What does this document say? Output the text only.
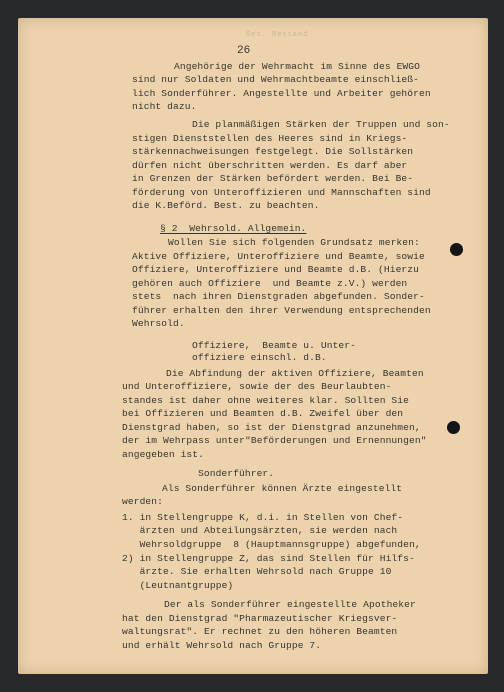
Ges. Bestand
26

Angehörige der Wehrmacht im Sinne des EWGO

sind nur Soldaten und Wehrmachtbeamte einschließ-

lich Sonderführer. Angestellte und Arbeiter gehören

nicht dazu.

Die planmäßigen Stärken der Truppen und son-

stigen Dienststellen des Heeres sind in Kriegs-

stärkennachweisungen festgelegt. Die Sollstärken

dürfen nicht überschritten werden. Es darf aber

in Grenzen der Stärken befördert werden. Bei Be-

förderung von Unteroffizieren und Mannschaften sind

die K.Beförd. Best. zu beachten.

§ 2  Wehrsold. Allgemein.

Wollen Sie sich folgenden Grundsatz merken:

Aktive Offiziere, Unteroffiziere und Beamte, sowie

Offiziere, Unteroffiziere und Beamte d.B. (Hierzu

gehören auch Offiziere  und Beamte z.V.) werden

stets  nach ihren Dienstgraden abgefunden. Sonder-

führer erhalten den ihrer Verwendung entsprechenden

Wehrsold.

Offiziere,  Beamte u. Unter-

offiziere einschl. d.B.

Die Abfindung der aktiven Offiziere, Beamten

und Unteroffiziere, sowie der des Beurlaubten-

standes ist daher ohne weiteres klar. Sollten Sie

bei Offizieren und Beamten d.B. Zweifel über den

Dienstgrad haben, so ist der Dienstgrad anzunehmen,

der im Wehrpass unter"Beförderungen und Ernennungen"

angegeben ist.

Sonderführer.

Als Sonderführer können Ärzte eingestellt

werden:

1. in Stellengruppe K, d.i. in Stellen von Chef-

ärzten und Abteilungsärzten, sie werden nach

Wehrsoldgruppe  8 (Hauptmannsgruppe) abgefunden,

2) in Stellengruppe Z, das sind Stellen für Hilfs-

ärzte. Sie erhalten Wehrsold nach Gruppe 10

(Leutnantgruppe)

Der als Sonderführer eingestellte Apotheker

hat den Dienstgrad "Pharmazeutischer Kriegsver-

waltungsrat". Er rechnet zu den höheren Beamten

und erhält Wehrsold nach Gruppe 7.
